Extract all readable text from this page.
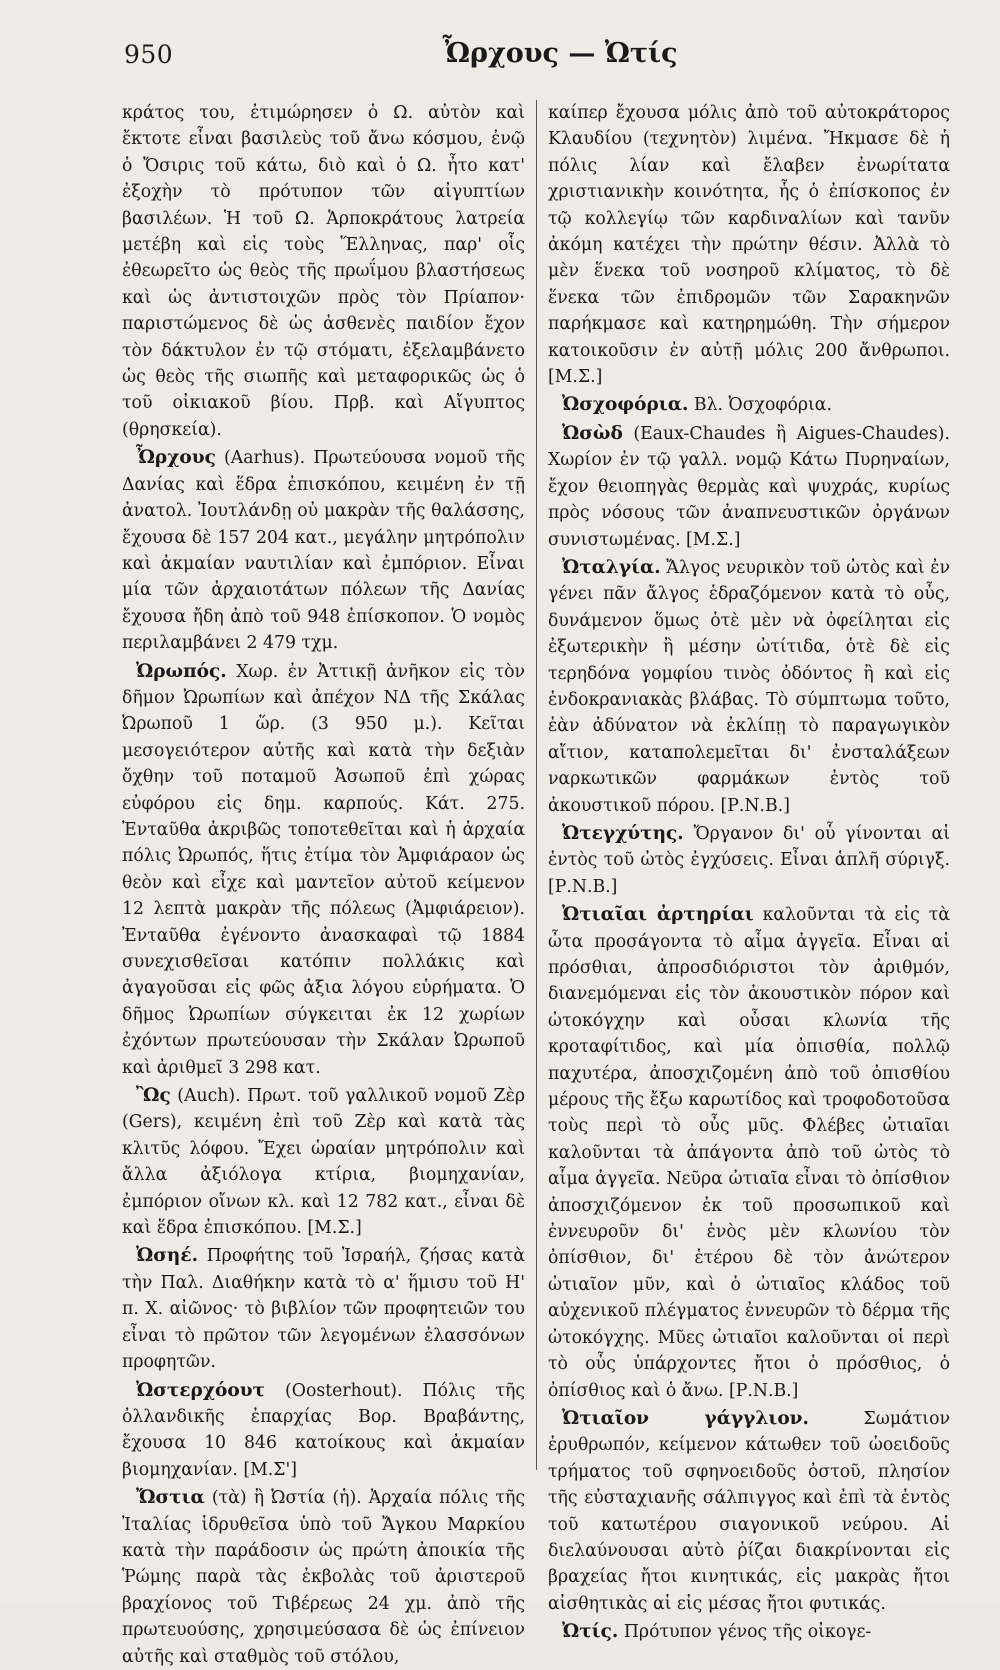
950	Ὦρχους — Ὠτίς

κράτος του, ἐτιμώρησεν ὁ Ω. αὐτὸν καὶ ἔκτοτε εἶναι βασιλεὺς τοῦ ἄνω κόσμου, ἐνῷ ὁ Ὄσιρις τοῦ κάτω, διὸ καὶ ὁ Ω. ἦτο κατ' ἐξοχὴν τὸ πρότυπον τῶν αἰγυπτίων βασιλέων. Ἡ τοῦ Ω. Ἁρποκράτους λατρεία μετέβη καὶ εἰς τοὺς Ἕλληνας, παρ' οἷς ἐθεωρεῖτο ὡς θεὸς τῆς πρωΐμου βλαστήσεως καὶ ὡς ἀντιστοιχῶν πρὸς τὸν Πρίαπον· παριστώμενος δὲ ὡς ἀσθενὲς παιδίον ἔχον τὸν δάκτυλον ἐν τῷ στόματι, ἐξελαμβάνετο ὡς θεὸς τῆς σιωπῆς καὶ μεταφορικῶς ὡς ὁ τοῦ οἰκιακοῦ βίου. Πρβ. καὶ Αἴγυπτος (θρησκεία).

Ὦρχους (Aarhus). Πρωτεύουσα νομοῦ τῆς Δανίας καὶ ἕδρα ἐπισκόπου, κειμένη ἐν τῇ ἀνατολ. Ἰουτλάνδῃ οὐ μακρὰν τῆς θαλάσσης, ἔχουσα δὲ 157 204 κατ., μεγάλην μητρόπολιν καὶ ἀκμαίαν ναυτιλίαν καὶ ἐμπόριον. Εἶναι μία τῶν ἀρχαιοτάτων πόλεων τῆς Δανίας ἔχουσα ἤδη ἀπὸ τοῦ 948 ἐπίσκοπον. Ὁ νομὸς περιλαμβάνει 2 479 τχμ.

Ὠρωπός. Χωρ. ἐν Ἀττικῇ ἀνῆκον εἰς τὸν δῆμον Ὠρωπίων καὶ ἀπέχον ΝΔ τῆς Σκάλας Ὠρωποῦ 1 ὥρ. (3 950 μ.). Κεῖται μεσογειότερον αὐτῆς καὶ κατὰ τὴν δεξιὰν ὄχθην τοῦ ποταμοῦ Ἀσωποῦ ἐπὶ χώρας εὐφόρου εἰς δημ. καρπούς. Κάτ. 275. Ἐνταῦθα ἀκριβῶς τοποτεθεῖται καὶ ἡ ἀρχαία πόλις Ὠρωπός, ἥτις ἐτίμα τὸν Ἀμφιάραον ὡς θεὸν καὶ εἶχε καὶ μαντεῖον αὐτοῦ κείμενον 12 λεπτὰ μακρὰν τῆς πόλεως (Ἀμφιάρειον). Ἐνταῦθα ἐγένοντο ἀνασκαφαὶ τῷ 1884 συνεχισθεῖσαι κατόπιν πολλάκις καὶ ἀγαγοῦσαι εἰς φῶς ἀξια λόγου εὑρήματα. Ὁ δῆμος Ὠρωπίων σύγκειται ἐκ 12 χωρίων ἐχόντων πρωτεύουσαν τὴν Σκάλαν Ὠρωποῦ καὶ ἀριθμεῖ 3 298 κατ.

Ὢς (Auch). Πρωτ. τοῦ γαλλικοῦ νομοῦ Ζὲρ (Gers), κειμένη ἐπὶ τοῦ Ζὲρ καὶ κατὰ τὰς κλιτῦς λόφου. Ἔχει ὡραίαν μητρόπολιν καὶ ἄλλα ἀξιόλογα κτίρια, βιομηχανίαν, ἐμπόριον οἴνων κλ. καὶ 12 782 κατ., εἶναι δὲ καὶ ἕδρα ἐπισκόπου. [Μ.Σ.]

Ὠσηέ. Προφήτης τοῦ Ἰσραήλ, ζήσας κατὰ τὴν Παλ. Διαθήκην κατὰ τὸ α' ἥμισυ τοῦ Η' π. Χ. αἰῶνος· τὸ βιβλίον τῶν προφητειῶν του εἶναι τὸ πρῶτον τῶν λεγομένων ἐλασσόνων προφητῶν.

Ὠστερχόουτ (Oosterhout). Πόλις τῆς ὀλλανδικῆς ἐπαρχίας Βορ. Βραβάντης, ἔχουσα 10 846 κατοίκους καὶ ἀκμαίαν βιομηχανίαν. [Μ.Σ']

Ὤστια (τὰ) ἢ Ὠστία (ἡ). Ἀρχαία πόλις τῆς Ἰταλίας ἱδρυθεῖσα ὑπὸ τοῦ Ἄγκου Μαρκίου κατὰ τὴν παράδοσιν ὡς πρώτη ἀποικία τῆς Ῥώμης παρὰ τὰς ἐκβολὰς τοῦ ἀριστεροῦ βραχίονος τοῦ Τιβέρεως 24 χμ. ἀπὸ τῆς πρωτευούσης, χρησιμεύσασα δὲ ὡς ἐπίνειον αὐτῆς καὶ σταθμὸς τοῦ στόλου,

καίπερ ἔχουσα μόλις ἀπὸ τοῦ αὐτοκράτορος Κλαυδίου (τεχνητὸν) λιμένα. Ἤκμασε δὲ ἡ πόλις λίαν καὶ ἔλαβεν ἐνωρίτατα χριστιανικὴν κοινότητα, ἧς ὁ ἐπίσκοπος ἐν τῷ κολλεγίῳ τῶν καρδιναλίων καὶ τανῦν ἀκόμη κατέχει τὴν πρώτην θέσιν. Ἀλλὰ τὸ μὲν ἕνεκα τοῦ νοσηροῦ κλίματος, τὸ δὲ ἕνεκα τῶν ἐπιδρομῶν τῶν Σαρακηνῶν παρήκμασε καὶ κατηρημώθη. Τὴν σήμερον κατοικοῦσιν ἐν αὐτῇ μόλις 200 ἄνθρωποι. [Μ.Σ.]

Ὠσχοφόρια. Βλ. Ὀσχοφόρια.

Ὠσὼδ (Eaux-Chaudes ἢ Aigues-Chaudes). Χωρίον ἐν τῷ γαλλ. νομῷ Κάτω Πυρηναίων, ἔχον θειοπηγὰς θερμὰς καὶ ψυχράς, κυρίως πρὸς νόσους τῶν ἀναπνευστικῶν ὀργάνων συνιστωμένας. [Μ.Σ.]

Ὠταλγία. Ἄλγος νευρικὸν τοῦ ὠτὸς καὶ ἐν γένει πᾶν ἄλγος ἑδραζόμενον κατὰ τὸ οὖς, δυνάμενον ὅμως ὁτὲ μὲν νὰ ὀφείληται εἰς ἐξωτερικὴν ἢ μέσην ὠτίτιδα, ὁτὲ δὲ εἰς τερηδόνα γομφίου τινὸς ὀδόντος ἢ καὶ εἰς ἐνδοκρανιακὰς βλάβας. Τὸ σύμπτωμα τοῦτο, ἐὰν ἀδύνατον νὰ ἐκλίπῃ τὸ παραγωγικὸν αἴτιον, καταπολεμεῖται δι' ἐνσταλάξεων ναρκωτικῶν φαρμάκων ἐντὸς τοῦ ἀκουστικοῦ πόρου. [Ρ.Ν.Β.]

Ὠτεγχύτης. Ὄργανον δι' οὗ γίνονται αἱ ἐντὸς τοῦ ὠτὸς ἐγχύσεις. Εἶναι ἁπλῆ σύριγξ. [Ρ.Ν.Β.]

Ὠτιαῖαι ἀρτηρίαι καλοῦνται τὰ εἰς τὰ ὦτα προσάγοντα τὸ αἷμα ἀγγεῖα. Εἶναι αἱ πρόσθιαι, ἀπροσδιόριστοι τὸν ἀριθμόν, διανεμόμεναι εἰς τὸν ἀκουστικὸν πόρον καὶ ὠτοκόγχην καὶ οὖσαι κλωνία τῆς κροταφίτιδος, καὶ μία ὀπισθία, πολλῷ παχυτέρα, ἀποσχιζομένη ἀπὸ τοῦ ὀπισθίου μέρους τῆς ἔξω καρωτίδος καὶ τροφοδοτοῦσα τοὺς περὶ τὸ οὖς μῦς. Φλέβες ὠτιαῖαι καλοῦνται τὰ ἀπάγοντα ἀπὸ τοῦ ὠτὸς τὸ αἷμα ἀγγεῖα. Νεῦρα ὠτιαῖα εἶναι τὸ ὀπίσθιον ἀποσχιζόμενον ἐκ τοῦ προσωπικοῦ καὶ ἐννευροῦν δι' ἑνὸς μὲν κλωνίου τὸν ὀπίσθιον, δι' ἑτέρου δὲ τὸν ἀνώτερον ὠτιαῖον μῦν, καὶ ὁ ὠτιαῖος κλάδος τοῦ αὐχενικοῦ πλέγματος ἐννευρῶν τὸ δέρμα τῆς ὠτοκόγχης. Μῦες ὠτιαῖοι καλοῦνται οἱ περὶ τὸ οὖς ὑπάρχοντες ἤτοι ὁ πρόσθιος, ὁ ὀπίσθιος καὶ ὁ ἄνω. [Ρ.Ν.Β.]

Ὠτιαῖον γάγγλιον.	Σωμάτιον ἐρυθρωπόν, κείμενον κάτωθεν τοῦ ὠοειδοῦς τρήματος τοῦ σφηνοειδοῦς ὀστοῦ, πλησίον τῆς εὐσταχιανῆς σάλπιγγος καὶ ἐπὶ τὰ ἐντὸς τοῦ κατωτέρου σιαγονικοῦ νεύρου. Αἱ διελαύνουσαι αὐτὸ ῥίζαι διακρίνονται εἰς βραχείας ἤτοι κινητικάς, εἰς μακρὰς ἤτοι αἰσθητικὰς αἱ εἰς μέσας ἤτοι φυτικάς.

Ὠτίς. Πρότυπον γένος τῆς οἰκογε-
